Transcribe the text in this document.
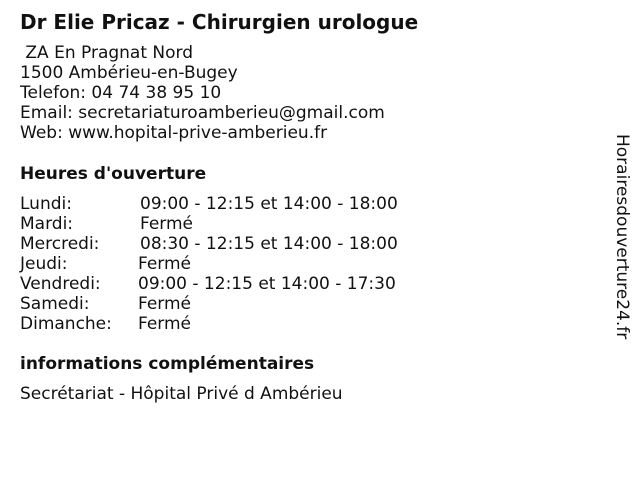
Dr Elie Pricaz - Chirurgien urologue
ZA En Pragnat Nord
1500 Ambérieu-en-Bugey
Telefon: 04 74 38 95 10
Email: secretariaturoamberieu@gmail.com
Web: www.hopital-prive-amberieu.fr
Heures d'ouverture
Lundi:	09:00 - 12:15 et 14:00 - 18:00
Mardi:	Fermé
Mercredi: 08:30 - 12:15 et 14:00 - 18:00
Jeudi:	Fermé
Vendredi: 09:00 - 12:15 et 14:00 - 17:30
Samedi:	Fermé
Dimanche: Fermé
informations complémentaires
Secrétariat - Hôpital Privé d Ambérieu
Horairesdouverture24.fr
